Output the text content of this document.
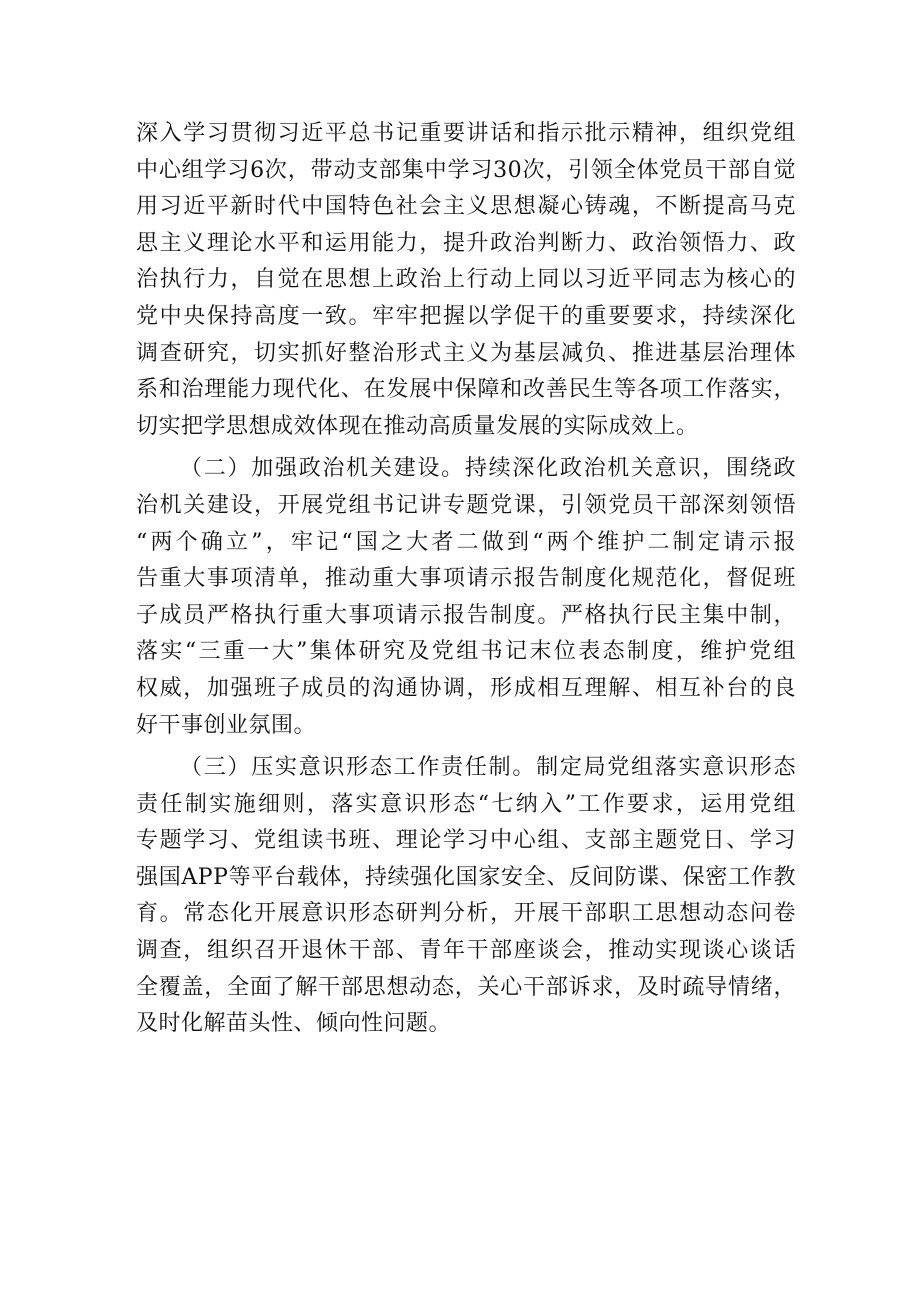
深入学习贯彻习近平总书记重要讲话和指示批示精神，组织党组
中心组学习6次，带动支部集中学习30次，引领全体党员干部自觉
用习近平新时代中国特色社会主义思想凝心铸魂，不断提高马克
思主义理论水平和运用能力，提升政治判断力、政治领悟力、政
治执行力，自觉在思想上政治上行动上同以习近平同志为核心的
党中央保持高度一致。牢牢把握以学促干的重要要求，持续深化
调查研究，切实抓好整治形式主义为基层减负、推进基层治理体
系和治理能力现代化、在发展中保障和改善民生等各项工作落实，
切实把学思想成效体现在推动高质量发展的实际成效上。
（二）加强政治机关建设。持续深化政治机关意识，围绕政
治机关建设，开展党组书记讲专题党课，引领党员干部深刻领悟
“两个确立”，牢记“国之大者二做到“两个维护二制定请示报
告重大事项清单，推动重大事项请示报告制度化规范化，督促班
子成员严格执行重大事项请示报告制度。严格执行民主集中制，
落实“三重一大”集体研究及党组书记末位表态制度，维护党组
权威，加强班子成员的沟通协调，形成相互理解、相互补台的良
好干事创业氛围。
（三）压实意识形态工作责任制。制定局党组落实意识形态
责任制实施细则，落实意识形态“七纳入”工作要求，运用党组
专题学习、党组读书班、理论学习中心组、支部主题党日、学习
强国APP等平台载体，持续强化国家安全、反间防谍、保密工作教
育。常态化开展意识形态研判分析，开展干部职工思想动态问卷
调查，组织召开退休干部、青年干部座谈会，推动实现谈心谈话
全覆盖，全面了解干部思想动态，关心干部诉求，及时疏导情绪，
及时化解苗头性、倾向性问题。
